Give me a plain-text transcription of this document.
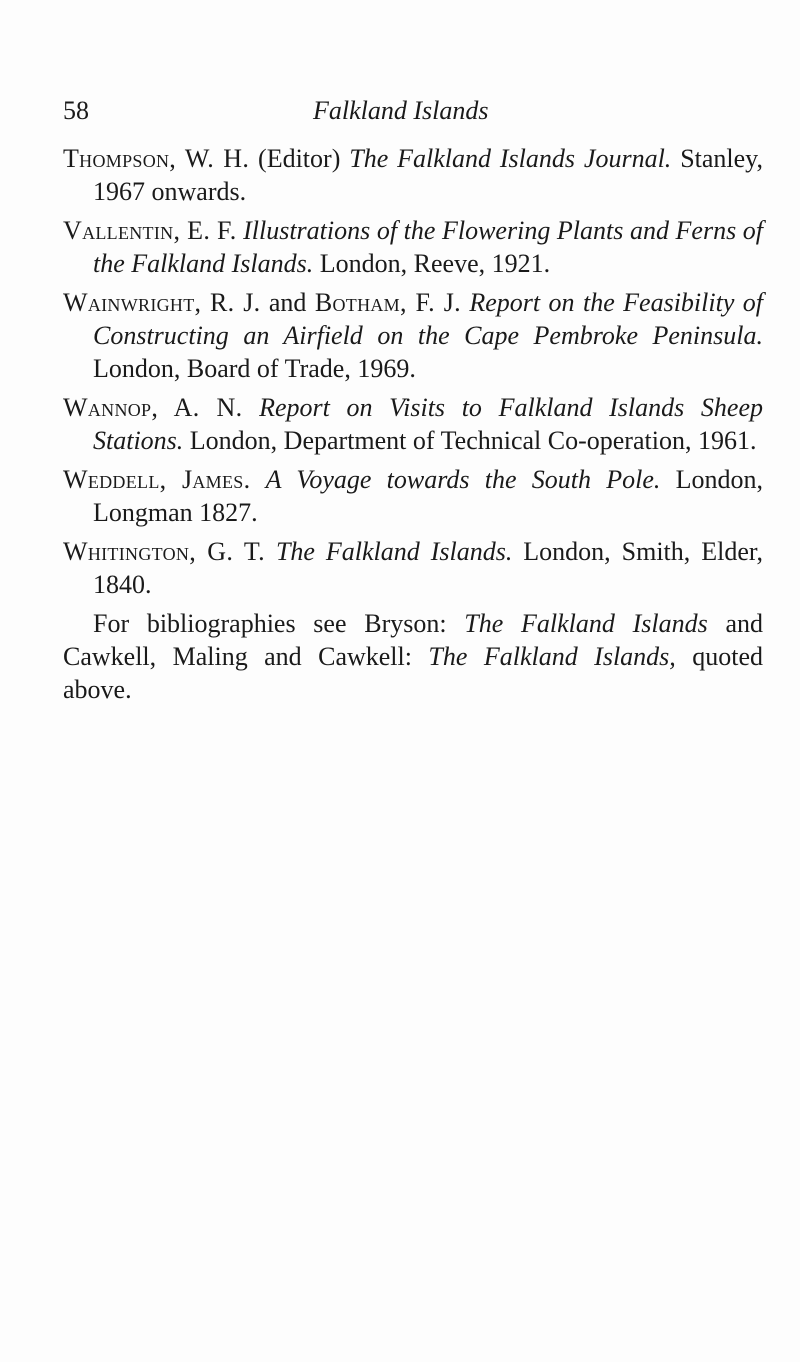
58	Falkland Islands

Thompson, W. H. (Editor) The Falkland Islands Journal. Stanley, 1967 onwards.

Vallentin, E. F. Illustrations of the Flowering Plants and Ferns of the Falkland Islands. London, Reeve, 1921.

Wainwright, R. J. and Botham, F. J. Report on the Feasibility of Constructing an Airfield on the Cape Pembroke Peninsula. London, Board of Trade, 1969.

Wannop, A. N. Report on Visits to Falkland Islands Sheep Stations. London, Department of Technical Co-operation, 1961.

Weddell, James. A Voyage towards the South Pole. London, Longman 1827.

Whitington, G. T. The Falkland Islands. London, Smith, Elder, 1840.

For bibliographies see Bryson: The Falkland Islands and Cawkell, Maling and Cawkell: The Falkland Islands, quoted above.
